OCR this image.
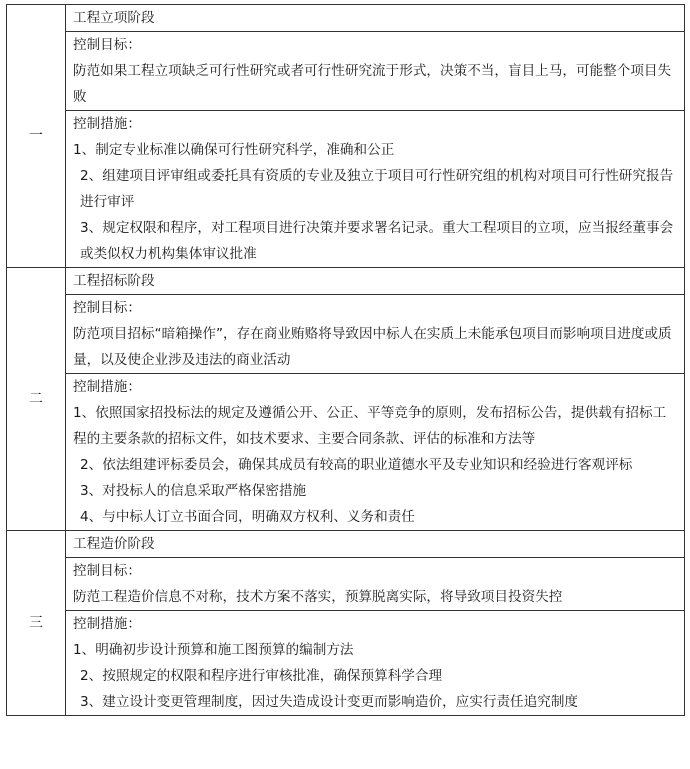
一	工程立项阶段

	控制目标：
防范如果工程立项缺乏可行性研究或者可行性研究流于形式，决策不当，盲目上马，可能整个项目失败

	控制措施：
1、制定专业标准以确保可行性研究科学，准确和公正
2、组建项目评审组或委托具有资质的专业及独立于项目可行性研究组的机构对项目可行性研究报告进行审评
3、规定权限和程序，对工程项目进行决策并要求署名记录。重大工程项目的立项，应当报经董事会或类似权力机构集体审议批准

二	工程招标阶段

	控制目标：
防范项目招标“暗箱操作”，存在商业贿赂将导致因中标人在实质上未能承包项目而影响项目进度或质量，以及使企业涉及违法的商业活动

	控制措施：
1、依照国家招投标法的规定及遵循公开、公正、平等竞争的原则，发布招标公告，提供载有招标工程的主要条款的招标文件，如技术要求、主要合同条款、评估的标准和方法等
2、依法组建评标委员会，确保其成员有较高的职业道德水平及专业知识和经验进行客观评标
3、对投标人的信息采取严格保密措施
4、与中标人订立书面合同，明确双方权利、义务和责任

三	工程造价阶段

	控制目标：
防范工程造价信息不对称，技术方案不落实，预算脱离实际，将导致项目投资失控

	控制措施：
1、明确初步设计预算和施工图预算的编制方法
2、按照规定的权限和程序进行审核批准，确保预算科学合理
3、建立设计变更管理制度，因过失造成设计变更而影响造价，应实行责任追究制度
